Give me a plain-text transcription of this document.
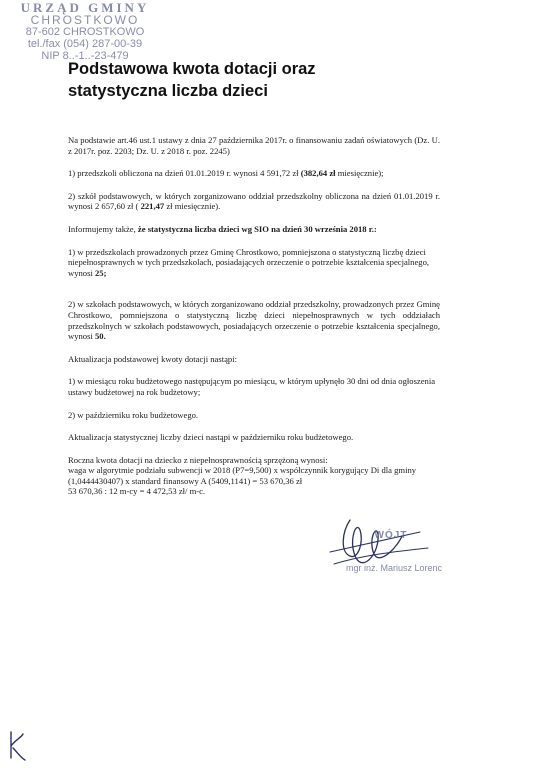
URZĄD GMINY
CHROSTKOWO
87-602 CHROSTKOWO
tel./fax (054) 287-00-39
NIP 8..-1..-23-479
Podstawowa kwota dotacji oraz statystyczna liczba dzieci

Na podstawie art.46 ust.1 ustawy z dnia 27 października 2017r. o finansowaniu zadań oświatowych (Dz. U. z 2017r. poz. 2203; Dz. U. z 2018 r. poz. 2245)

1) przedszkoli obliczona na dzień 01.01.2019 r. wynosi 4 591,72 zł (382,64 zł miesięcznie);

2) szkół podstawowych, w których zorganizowano oddział przedszkolny obliczona na dzień 01.01.2019 r. wynosi 2 657,60 zł ( 221,47 zł miesięcznie).

Informujemy także, że statystyczna liczba dzieci wg SIO na dzień 30 września 2018 r.:

1) w przedszkolach prowadzonych przez Gminę Chrostkowo, pomniejszona o statystyczną liczbę dzieci niepełnosprawnych w tych przedszkolach, posiadających orzeczenie o potrzebie kształcenia specjalnego, wynosi 25;

2) w szkołach podstawowych, w których zorganizowano oddział przedszkolny, prowadzonych przez Gminę Chrostkowo, pomniejszona o statystyczną liczbę dzieci niepełnosprawnych w tych oddziałach przedszkolnych w szkołach podstawowych, posiadających orzeczenie o potrzebie kształcenia specjalnego, wynosi 50.

Aktualizacja podstawowej kwoty dotacji nastąpi:

1) w miesiącu roku budżetowego następującym po miesiącu, w którym upłynęło 30 dni od dnia ogłoszenia ustawy budżetowej na rok budżetowy;

2) w październiku roku budżetowego.

Aktualizacja statystycznej liczby dzieci nastąpi w październiku roku budżetowego.

Roczna kwota dotacji na dziecko z niepełnosprawnością sprzężoną wynosi:

waga w algorytmie podziału subwencji w 2018 (P7=9,500) x współczynnik korygujący Di dla gminy (1,0444430407) x standard finansowy A (5409,1141) = 53 670,36 zł

53 670,36 : 12 m-cy = 4 472,53 zł/ m-c.

WÓJT
mgr inż. Mariusz Lorenc
